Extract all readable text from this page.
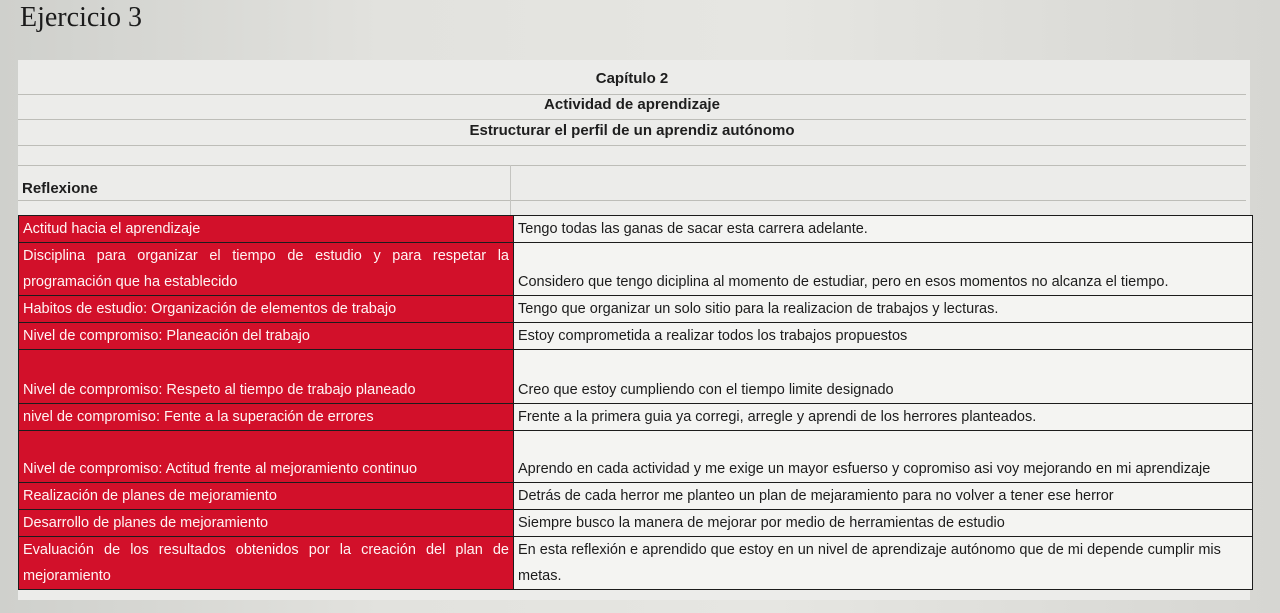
Ejercicio 3
Capítulo 2
Actividad de aprendizaje
Estructurar el perfil de un aprendiz autónomo
Reflexione
Actitud hacia el aprendizaje	Tengo todas las ganas de sacar esta carrera adelante.
Disciplina para organizar el tiempo de estudio y para respetar la programación que ha establecido	Considero que tengo diciplina al momento de estudiar, pero en esos momentos no alcanza el tiempo.
Habitos de estudio: Organización de elementos de trabajo	Tengo que organizar un solo sitio para la realizacion de trabajos y lecturas.
Nivel de compromiso: Planeación del trabajo	Estoy comprometida a realizar todos los trabajos propuestos
Nivel de compromiso: Respeto al tiempo de trabajo planeado	Creo que estoy cumpliendo con el tiempo limite designado
nivel de compromiso: Fente a la superación de errores	Frente a la primera guia ya corregi, arregle y aprendi de los herrores planteados.
Nivel de compromiso: Actitud frente al mejoramiento continuo	Aprendo en cada actividad y me exige un mayor esfuerso y copromiso asi voy mejorando en mi aprendizaje
Realización de planes de mejoramiento	Detrás de cada herror me planteo un plan de mejaramiento para no volver a tener ese herror
Desarrollo de planes de mejoramiento	Siempre busco la manera de mejorar por medio de herramientas de estudio
Evaluación de los resultados obtenidos por la creación del plan de mejoramiento	En esta reflexión e aprendido que estoy en un nivel de aprendizaje autónomo que de mi depende cumplir mis metas.
